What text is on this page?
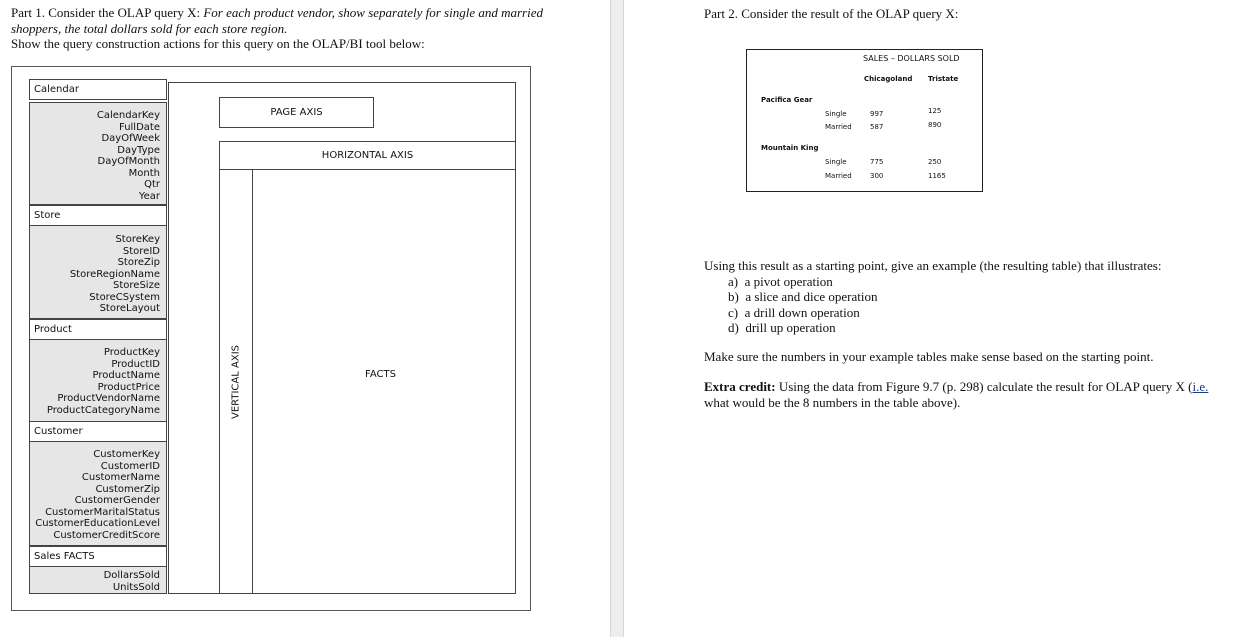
Part 1. Consider the OLAP query X: For each product vendor, show separately for single and married shoppers, the total dollars sold for each store region.
Show the query construction actions for this query on the OLAP/BI tool below:
Calendar
CalendarKey
FullDate
DayOfWeek
DayType
DayOfMonth
Month
Qtr
Year
Store
StoreKey
StoreID
StoreZip
StoreRegionName
StoreSize
StoreCSystem
StoreLayout
Product
ProductKey
ProductID
ProductName
ProductPrice
ProductVendorName
ProductCategoryName
Customer
CustomerKey
CustomerID
CustomerName
CustomerZip
CustomerGender
CustomerMaritalStatus
CustomerEducationLevel
CustomerCreditScore
Sales FACTS
DollarsSold
UnitsSold
PAGE AXIS
HORIZONTAL AXIS
VERTICAL AXIS	FACTS
Part 2. Consider the result of the OLAP query X:
SALES – DOLLARS SOLD
Chicagoland Tristate
Pacifica Gear
Single	997	125
Married	587	890
Mountain King
Single	775	250
Married	300	1165

Using this result as a starting point, give an example (the resulting table) that illustrates:

a) a pivot operation

b) a slice and dice operation

c) a drill down operation

d) drill up operation

Make sure the numbers in your example tables make sense based on the starting point.
Extra credit: Using the data from Figure 9.7 (p. 298) calculate the result for OLAP query X (i.e. what would be the 8 numbers in the table above).
